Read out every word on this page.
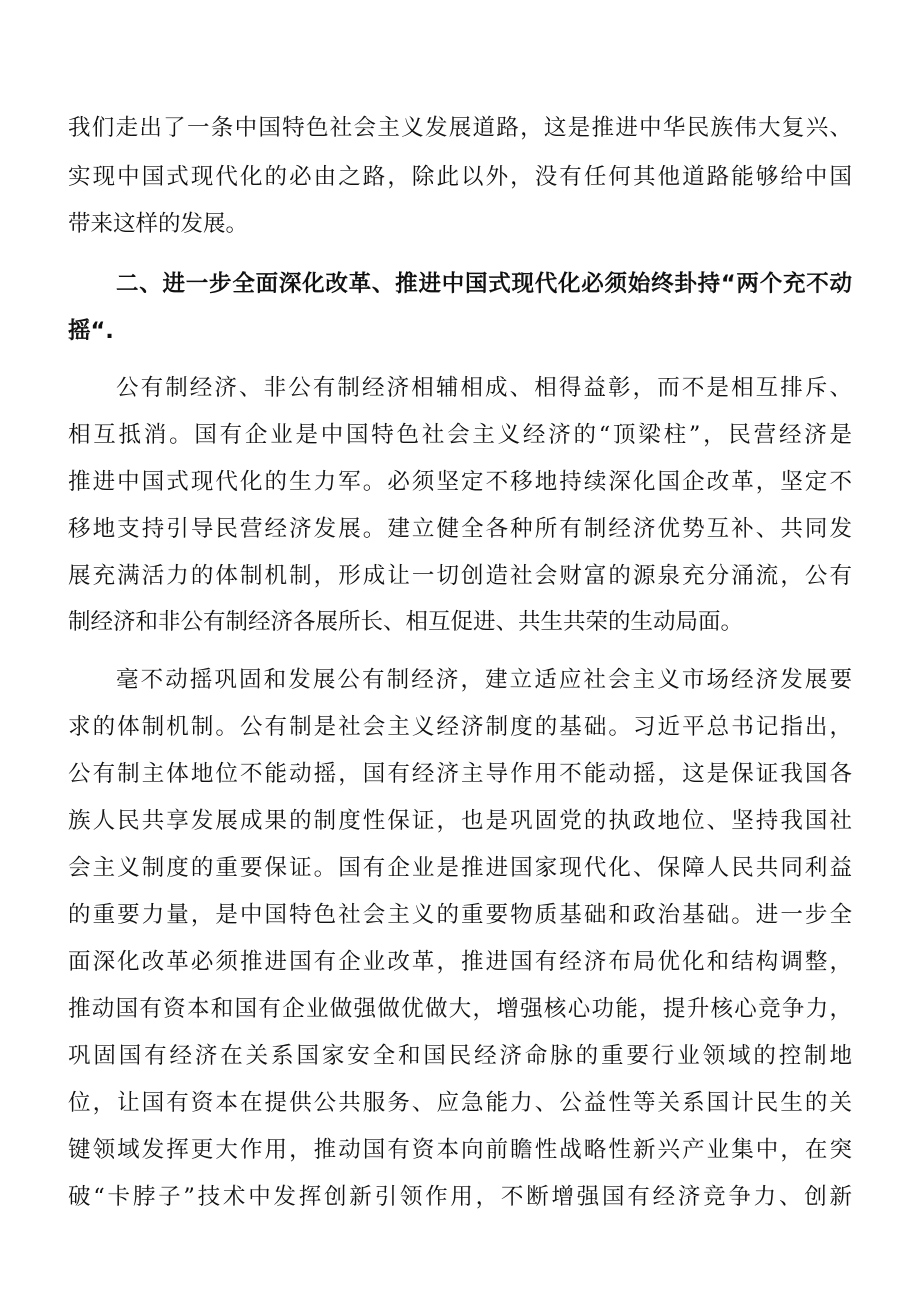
我们走出了一条中国特色社会主义发展道路，这是推进中华民族伟大复兴、
实现中国式现代化的必由之路，除此以外，没有任何其他道路能够给中国
带来这样的发展。
二、进一步全面深化改革、推进中国式现代化必须始终卦持“两个充不动
摇“.
公有制经济、非公有制经济相辅相成、相得益彰，而不是相互排斥、
相互抵消。国有企业是中国特色社会主义经济的“顶梁柱”，民营经济是
推进中国式现代化的生力军。必须坚定不移地持续深化国企改革，坚定不
移地支持引导民营经济发展。建立健全各种所有制经济优势互补、共同发
展充满活力的体制机制，形成让一切创造社会财富的源泉充分涌流，公有
制经济和非公有制经济各展所长、相互促进、共生共荣的生动局面。
毫不动摇巩固和发展公有制经济，建立适应社会主义市场经济发展要
求的体制机制。公有制是社会主义经济制度的基础。习近平总书记指出，
公有制主体地位不能动摇，国有经济主导作用不能动摇，这是保证我国各
族人民共享发展成果的制度性保证，也是巩固党的执政地位、坚持我国社
会主义制度的重要保证。国有企业是推进国家现代化、保障人民共同利益
的重要力量，是中国特色社会主义的重要物质基础和政治基础。进一步全
面深化改革必须推进国有企业改革，推进国有经济布局优化和结构调整，
推动国有资本和国有企业做强做优做大，增强核心功能，提升核心竞争力，
巩固国有经济在关系国家安全和国民经济命脉的重要行业领域的控制地
位，让国有资本在提供公共服务、应急能力、公益性等关系国计民生的关
键领域发挥更大作用，推动国有资本向前瞻性战略性新兴产业集中，在突
破“卡脖子”技术中发挥创新引领作用，不断增强国有经济竞争力、创新
